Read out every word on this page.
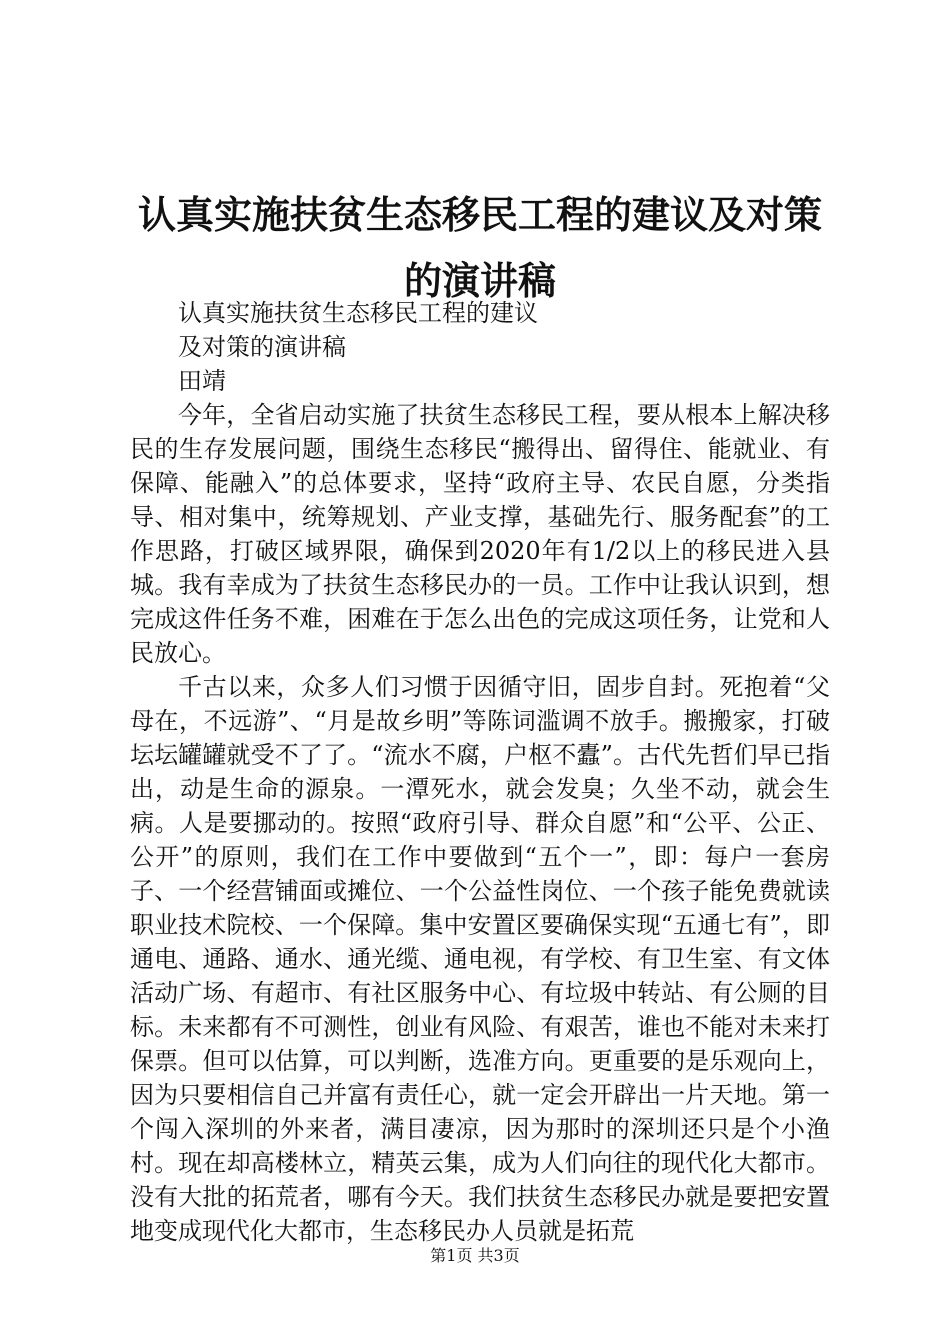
认真实施扶贫生态移民工程的建议及对策的演讲稿

认真实施扶贫生态移民工程的建议

及对策的演讲稿

田靖

今年，全省启动实施了扶贫生态移民工程，要从根本上解决移民的生存发展问题，围绕生态移民“搬得出、留得住、能就业、有保障、能融入”的总体要求，坚持“政府主导、农民自愿，分类指导、相对集中，统筹规划、产业支撑，基础先行、服务配套”的工作思路，打破区域界限，确保到2020年有1/2以上的移民进入县城。我有幸成为了扶贫生态移民办的一员。工作中让我认识到，想完成这件任务不难，困难在于怎么出色的完成这项任务，让党和人民放心。

千古以来，众多人们习惯于因循守旧，固步自封。死抱着“父母在，不远游”、“月是故乡明”等陈词滥调不放手。搬搬家，打破坛坛罐罐就受不了了。“流水不腐，户枢不蠹”。古代先哲们早已指出，动是生命的源泉。一潭死水，就会发臭；久坐不动，就会生病。人是要挪动的。按照“政府引导、群众自愿”和“公平、公正、公开”的原则，我们在工作中要做到“五个一”，即：每户一套房子、一个经营铺面或摊位、一个公益性岗位、一个孩子能免费就读职业技术院校、一个保障。集中安置区要确保实现“五通七有”，即通电、通路、通水、通光缆、通电视，有学校、有卫生室、有文体活动广场、有超市、有社区服务中心、有垃圾中转站、有公厕的目标。未来都有不可测性，创业有风险、有艰苦，谁也不能对未来打保票。但可以估算，可以判断，选准方向。更重要的是乐观向上，因为只要相信自己并富有责任心，就一定会开辟出一片天地。第一个闯入深圳的外来者，满目凄凉，因为那时的深圳还只是个小渔村。现在却高楼林立，精英云集，成为人们向往的现代化大都市。没有大批的拓荒者，哪有今天。我们扶贫生态移民办就是要把安置地变成现代化大都市，生态移民办人员就是拓荒

第1页 共3页
